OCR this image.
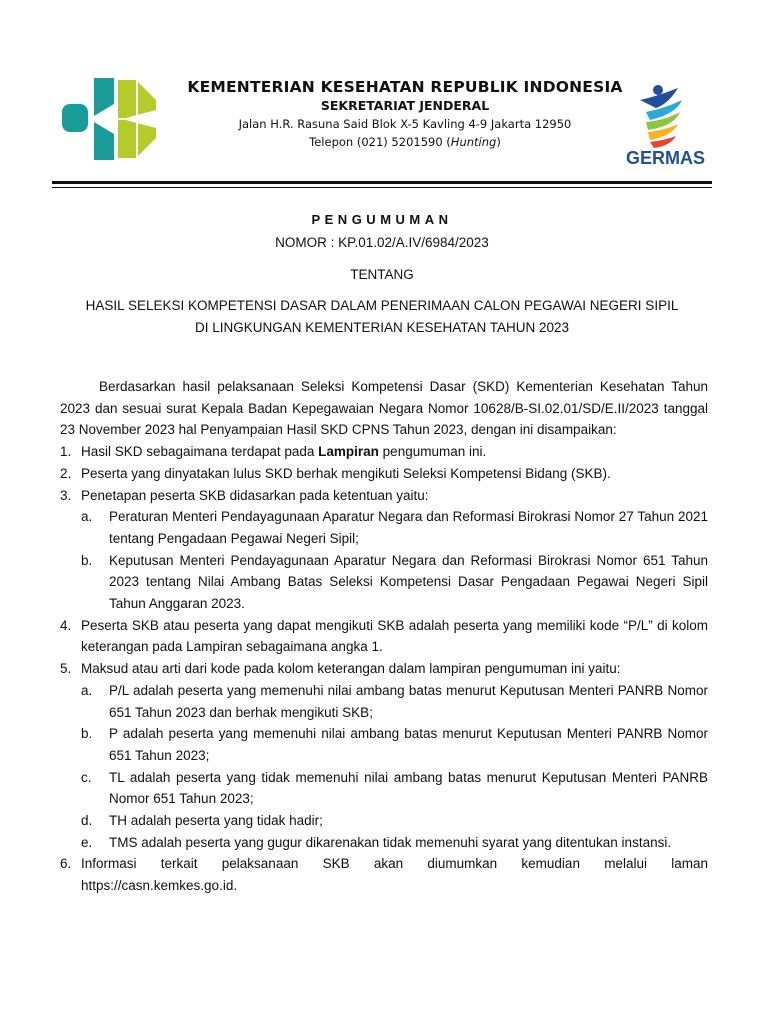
KEMENTERIAN KESEHATAN REPUBLIK INDONESIA
SEKRETARIAT JENDERAL
Jalan H.R. Rasuna Said Blok X-5 Kavling 4-9 Jakarta 12950
Telepon (021) 5201590 (Hunting)
GERMAS
PENGUMUMAN
NOMOR : KP.01.02/A.IV/6984/2023
TENTANG
HASIL SELEKSI KOMPETENSI DASAR DALAM PENERIMAAN CALON PEGAWAI NEGERI SIPIL
DI LINGKUNGAN KEMENTERIAN KESEHATAN TAHUN 2023

Berdasarkan hasil pelaksanaan Seleksi Kompetensi Dasar (SKD) Kementerian Kesehatan Tahun 2023 dan sesuai surat Kepala Badan Kepegawaian Negara Nomor 10628/B-SI.02.01/SD/E.II/2023 tanggal 23 November 2023 hal Penyampaian Hasil SKD CPNS Tahun 2023, dengan ini disampaikan:

1. Hasil SKD sebagaimana terdapat pada Lampiran pengumuman ini.
2. Peserta yang dinyatakan lulus SKD berhak mengikuti Seleksi Kompetensi Bidang (SKB).
3. Penetapan peserta SKB didasarkan pada ketentuan yaitu:
a.	Peraturan Menteri Pendayagunaan Aparatur Negara dan Reformasi Birokrasi Nomor 27 Tahun 2021 tentang Pengadaan Pegawai Negeri Sipil;
b.	Keputusan Menteri Pendayagunaan Aparatur Negara dan Reformasi Birokrasi Nomor 651 Tahun 2023 tentang Nilai Ambang Batas Seleksi Kompetensi Dasar Pengadaan Pegawai Negeri Sipil Tahun Anggaran 2023.
4. Peserta SKB atau peserta yang dapat mengikuti SKB adalah peserta yang memiliki kode “P/L” di kolom keterangan pada Lampiran sebagaimana angka 1.
5. Maksud atau arti dari kode pada kolom keterangan dalam lampiran pengumuman ini yaitu:
a.	P/L adalah peserta yang memenuhi nilai ambang batas menurut Keputusan Menteri PANRB Nomor 651 Tahun 2023 dan berhak mengikuti SKB;
b.	P adalah peserta yang memenuhi nilai ambang batas menurut Keputusan Menteri PANRB Nomor 651 Tahun 2023;
c.	TL adalah peserta yang tidak memenuhi nilai ambang batas menurut Keputusan Menteri PANRB Nomor 651 Tahun 2023;
d.	TH adalah peserta yang tidak hadir;
e.	TMS adalah peserta yang gugur dikarenakan tidak memenuhi syarat yang ditentukan instansi.
6. Informasi terkait pelaksanaan SKB akan diumumkan kemudian melalui laman
https://casn.kemkes.go.id.
